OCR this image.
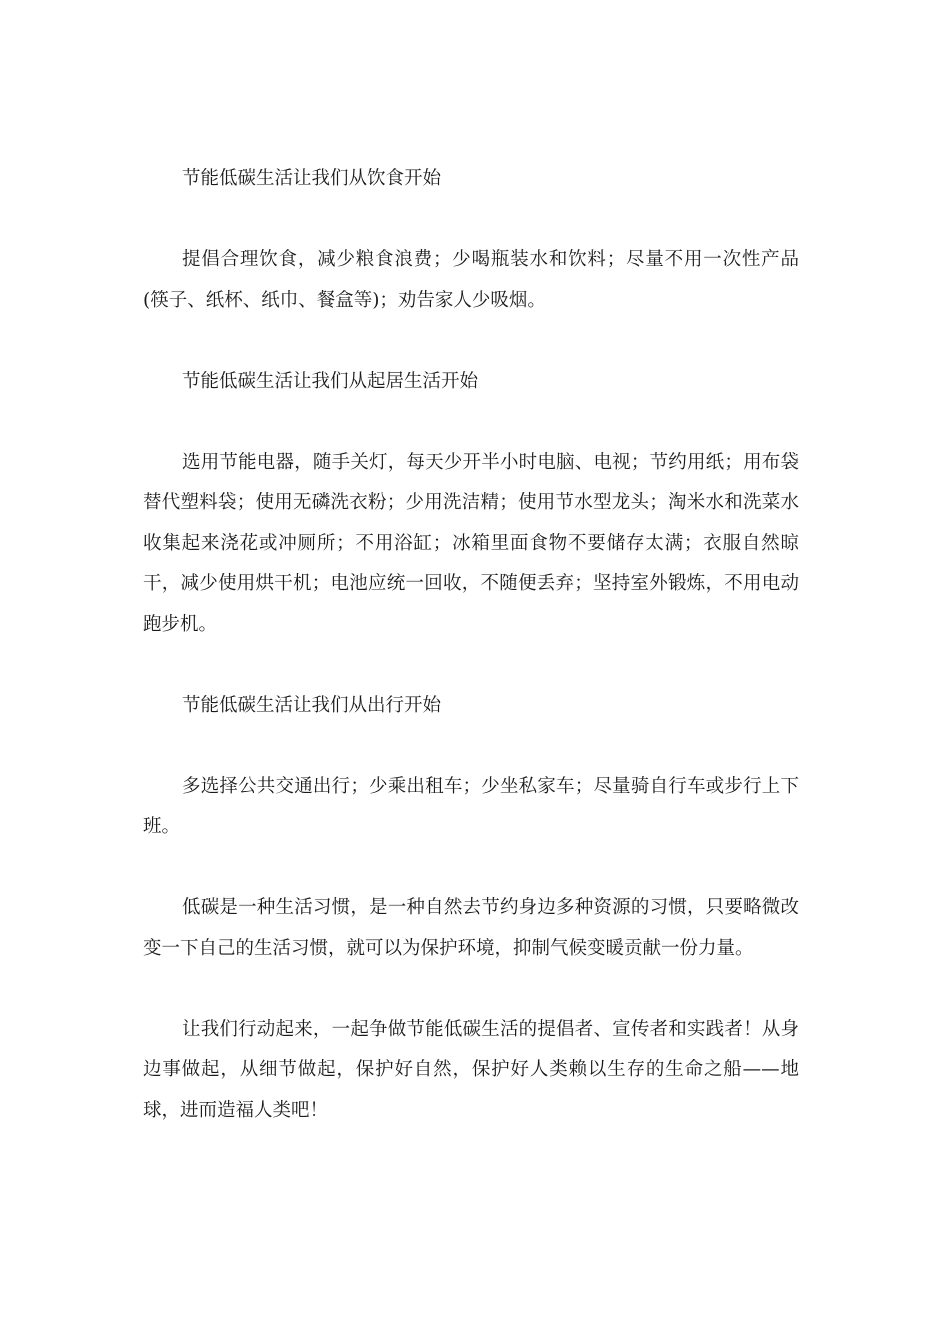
节能低碳生活让我们从饮食开始

提倡合理饮食，减少粮食浪费；少喝瓶装水和饮料；尽量不用一次性产品(筷子、纸杯、纸巾、餐盒等)；劝告家人少吸烟。

节能低碳生活让我们从起居生活开始

选用节能电器，随手关灯，每天少开半小时电脑、电视；节约用纸；用布袋替代塑料袋；使用无磷洗衣粉；少用洗洁精；使用节水型龙头；淘米水和洗菜水收集起来浇花或冲厕所；不用浴缸；冰箱里面食物不要储存太满；衣服自然晾干，减少使用烘干机；电池应统一回收，不随便丢弃；坚持室外锻炼，不用电动跑步机。

节能低碳生活让我们从出行开始

多选择公共交通出行；少乘出租车；少坐私家车；尽量骑自行车或步行上下班。

低碳是一种生活习惯，是一种自然去节约身边多种资源的习惯，只要略微改变一下自己的生活习惯，就可以为保护环境，抑制气候变暖贡献一份力量。

让我们行动起来，一起争做节能低碳生活的提倡者、宣传者和实践者！从身边事做起，从细节做起，保护好自然，保护好人类赖以生存的生命之船——地球，进而造福人类吧！
